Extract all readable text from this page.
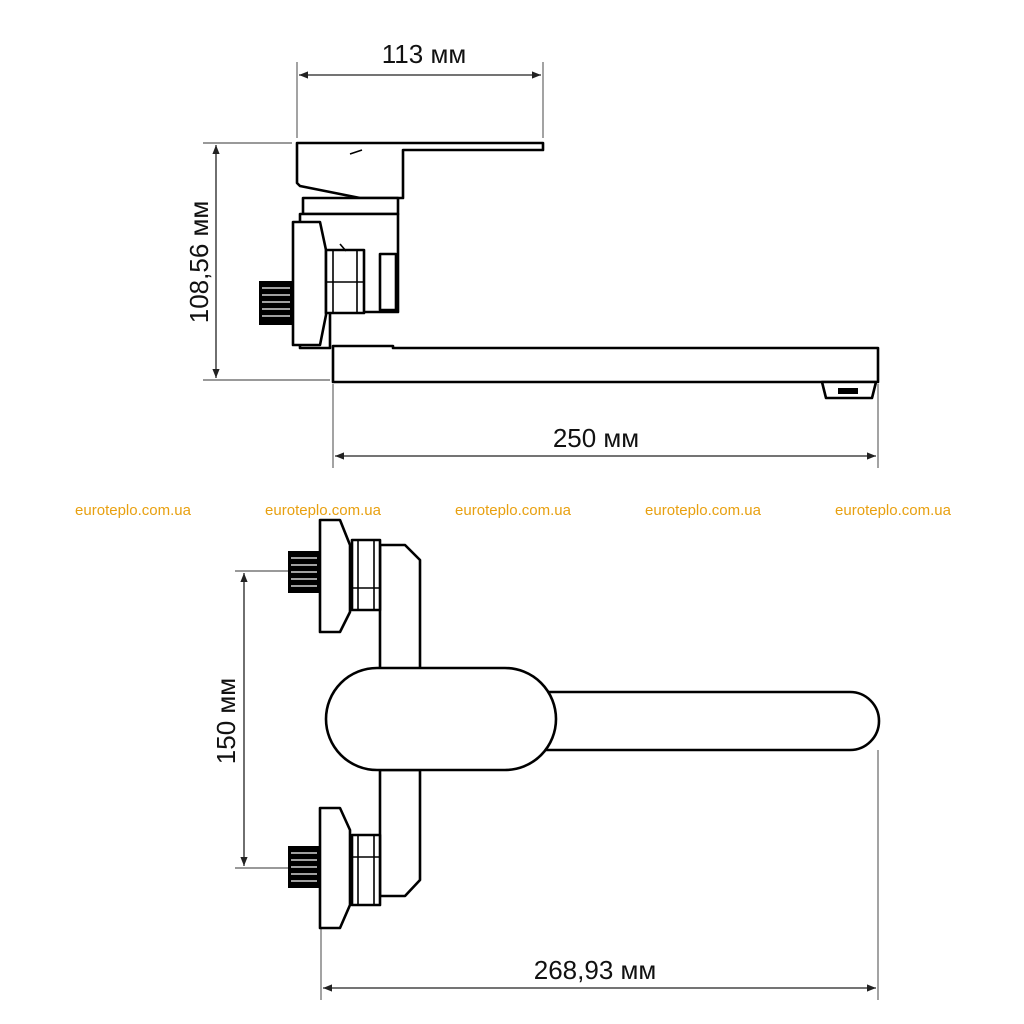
113 мм
108,56 мм
250 мм
euroteplo.com.ua	euroteplo.com.ua	euroteplo.com.ua	euroteplo.com.ua	euroteplo.com.ua
150 мм
268,93 мм
